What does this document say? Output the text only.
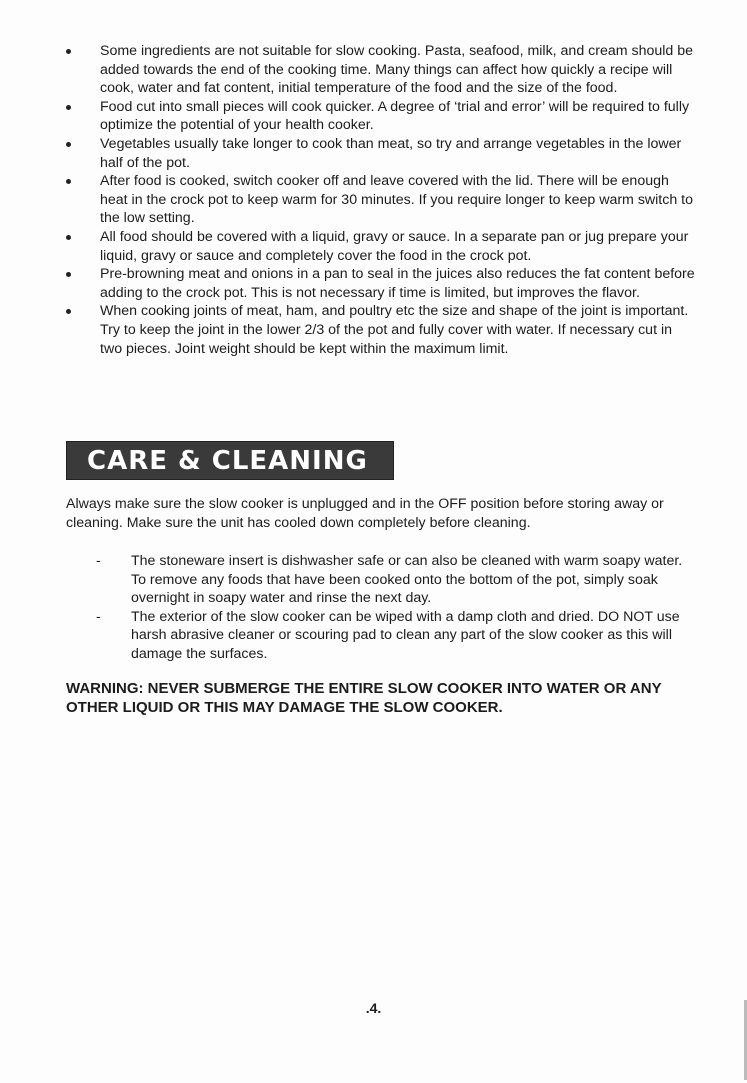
Some ingredients are not suitable for slow cooking. Pasta, seafood, milk, and cream should be added towards the end of the cooking time. Many things can affect how quickly a recipe will cook, water and fat content, initial temperature of the food and the size of the food.
Food cut into small pieces will cook quicker. A degree of ‘trial and error’ will be required to fully optimize the potential of your health cooker.
Vegetables usually take longer to cook than meat, so try and arrange vegetables in the lower half of the pot.
After food is cooked, switch cooker off and leave covered with the lid. There will be enough heat in the crock pot to keep warm for 30 minutes. If you require longer to keep warm switch to the low setting.
All food should be covered with a liquid, gravy or sauce. In a separate pan or jug prepare your liquid, gravy or sauce and completely cover the food in the crock pot.
Pre-browning meat and onions in a pan to seal in the juices also reduces the fat content before adding to the crock pot. This is not necessary if time is limited, but improves the flavor.
When cooking joints of meat, ham, and poultry etc the size and shape of the joint is important. Try to keep the joint in the lower 2/3 of the pot and fully cover with water. If necessary cut in two pieces. Joint weight should be kept within the maximum limit.
CARE & CLEANING

Always make sure the slow cooker is unplugged and in the OFF position before storing away or cleaning. Make sure the unit has cooled down completely before cleaning.

- The stoneware insert is dishwasher safe or can also be cleaned with warm soapy water. To remove any foods that have been cooked onto the bottom of the pot, simply soak overnight in soapy water and rinse the next day.
- The exterior of the slow cooker can be wiped with a damp cloth and dried. DO NOT use harsh abrasive cleaner or scouring pad to clean any part of the slow cooker as this will damage the surfaces.

WARNING: NEVER SUBMERGE THE ENTIRE SLOW COOKER INTO WATER OR ANY OTHER LIQUID OR THIS MAY DAMAGE THE SLOW COOKER.

.4.
